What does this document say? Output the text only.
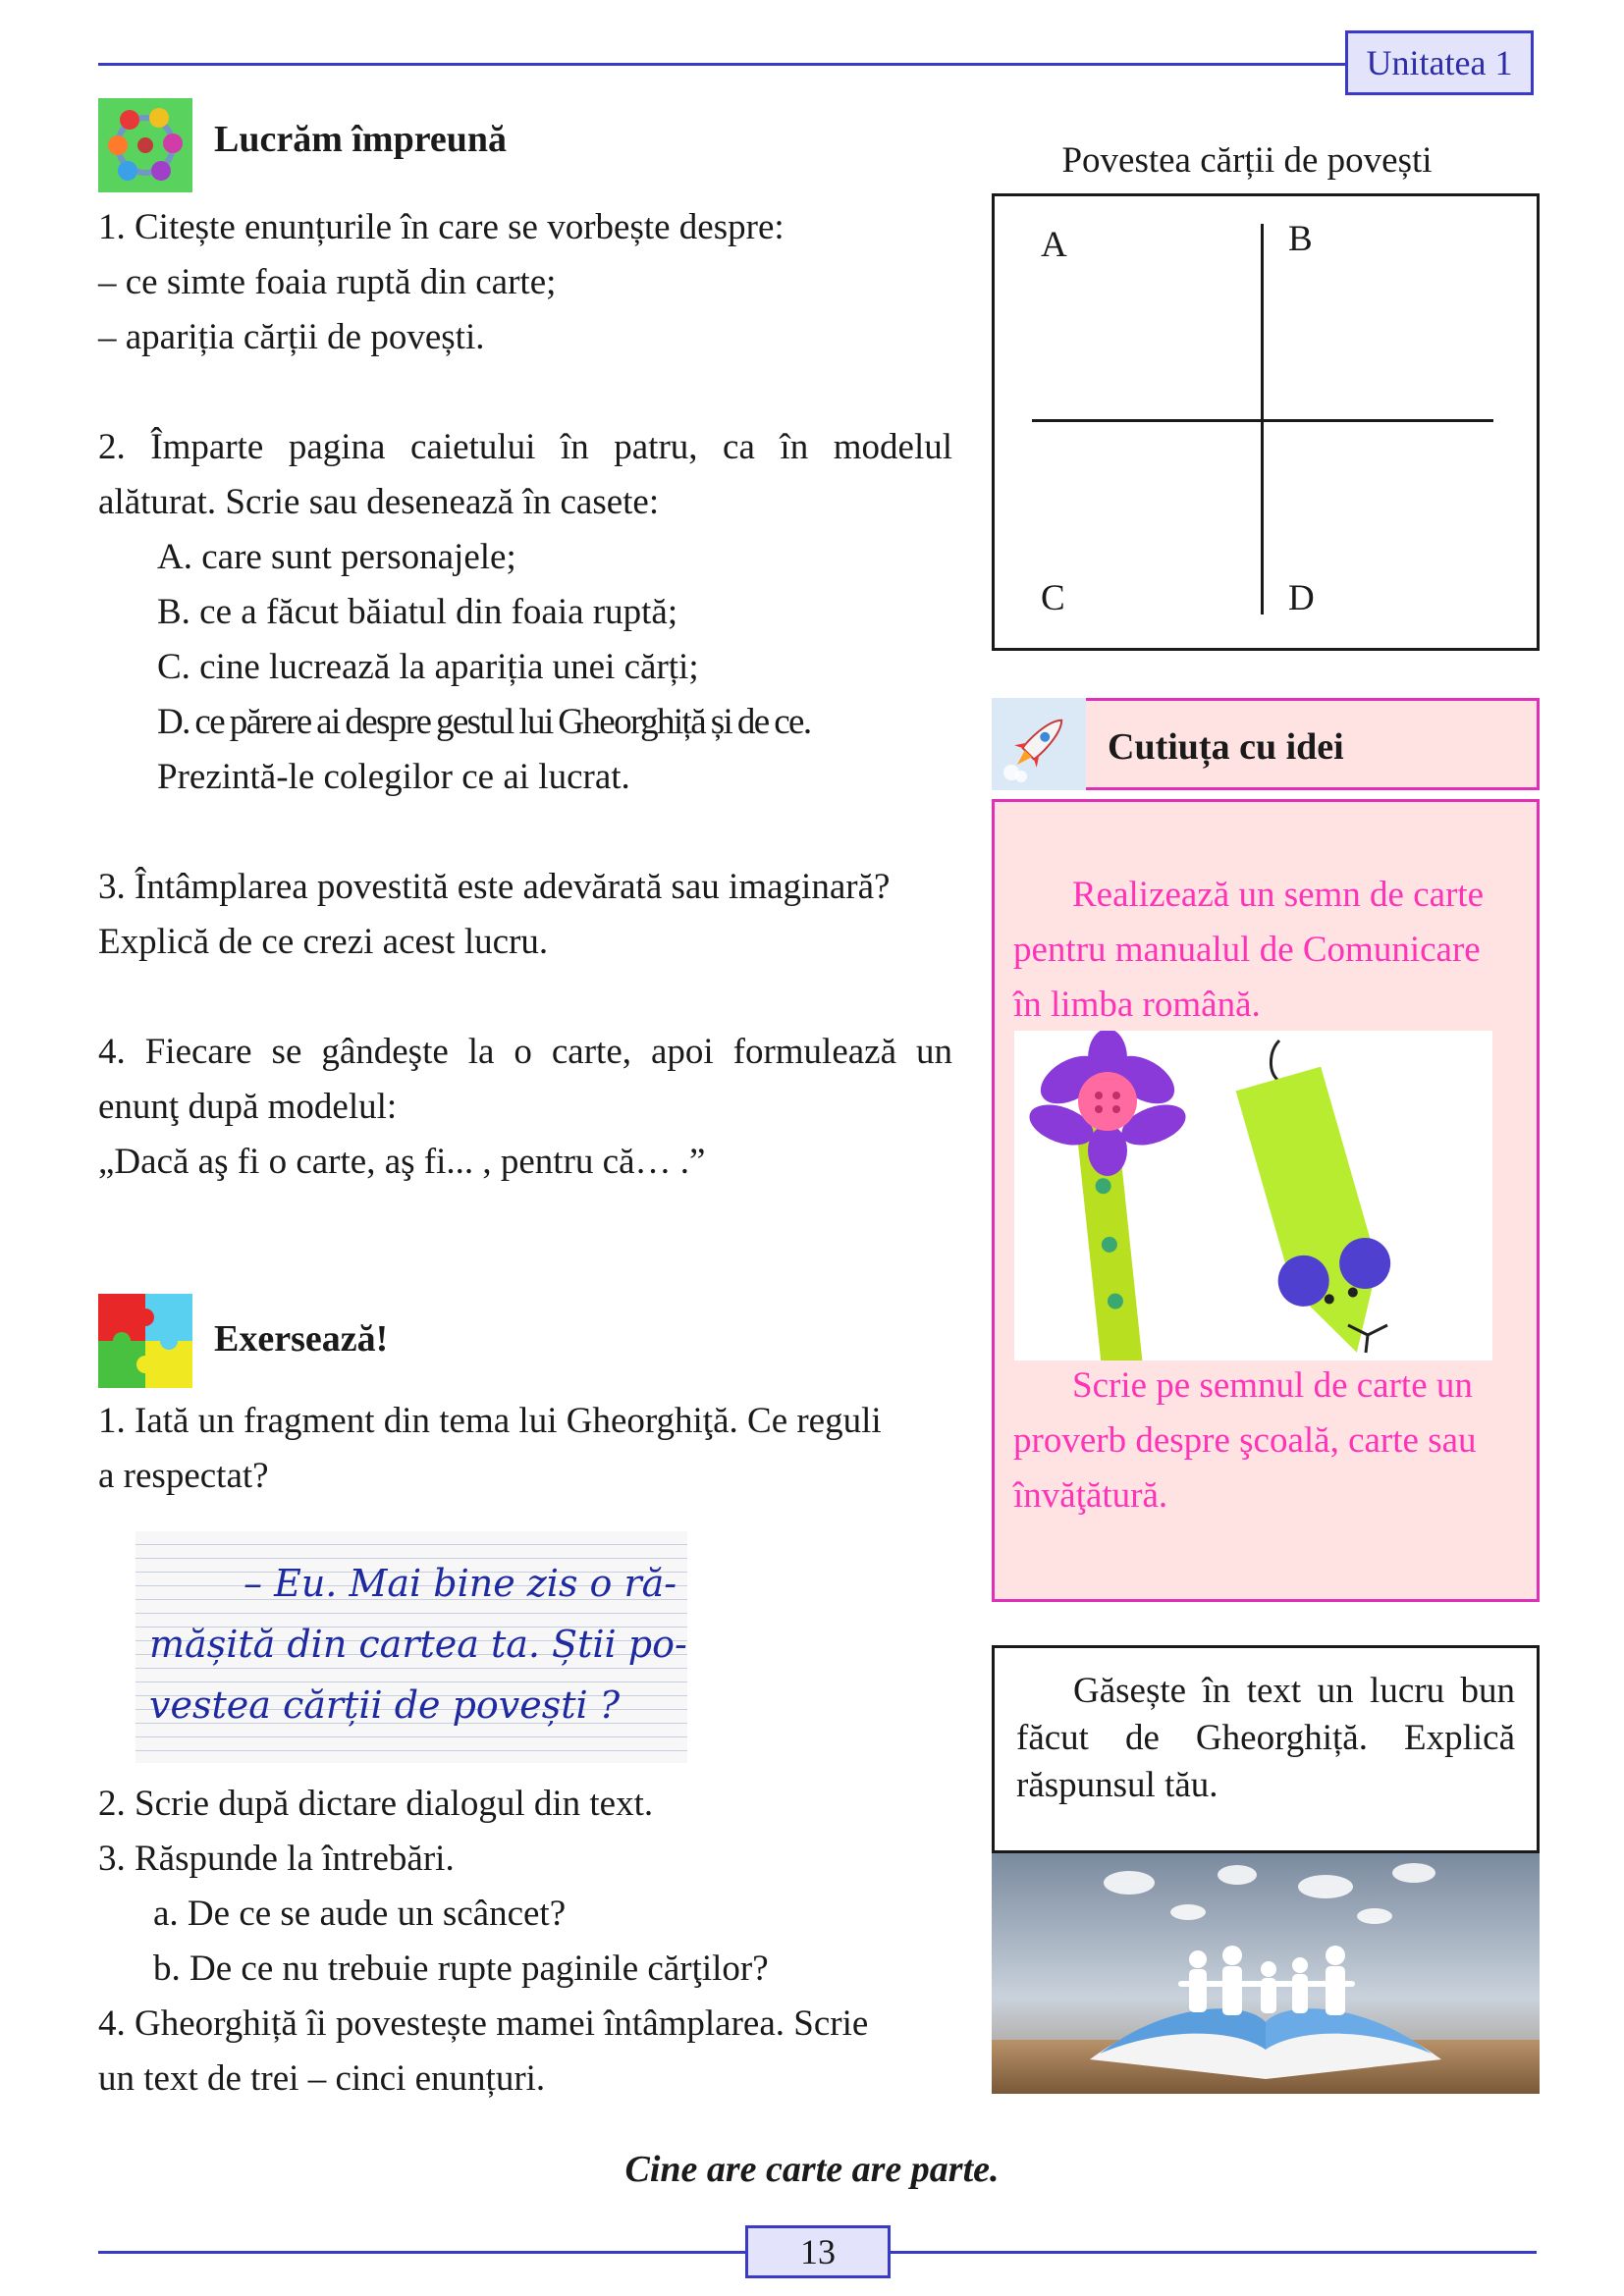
Unitatea 1
Lucrăm împreună
1. Citește enunțurile în care se vorbește despre:
– ce simte foaia ruptă din carte;
– apariția cărții de povești.
2. Împarte pagina caietului în patru, ca în modelul
alăturat. Scrie sau desenează în casete:
A. care sunt personajele;
B. ce a făcut băiatul din foaia ruptă;
C. cine lucrează la apariția unei cărți;
D. ce părere ai despre gestul lui Gheorghiță și de ce.
Prezintă-le colegilor ce ai lucrat.
3. Întâmplarea povestită este adevărată sau imaginară?
Explică de ce crezi acest lucru.
4. Fiecare se gândeşte la o carte, apoi formulează un
enunţ după modelul:
„Dacă aş fi o carte, aş fi... , pentru că… .”
Povestea cărții de povești
A	B
C	D
Cutiuța cu idei
Realizează un semn de carte
pentru manualul de Comunicare
în limba română.
Scrie pe semnul de carte un
proverb despre şcoală, carte sau
învăţătură.
Exersează!
1. Iată un fragment din tema lui Gheorghiţă. Ce reguli
a respectat?
– Eu. Mai bine zis o ră-
mășită din cartea ta. Știi po-
vestea cărții de povești ?
2. Scrie după dictare dialogul din text.
3. Răspunde la întrebări.
a. De ce se aude un scâncet?
b. De ce nu trebuie rupte paginile cărţilor?
4. Gheorghiță îi povestește mamei întâmplarea. Scrie
un text de trei – cinci enunțuri.
Găsește în text un lucru bun făcut de Gheorghiță. Explică răspunsul tău.
Cine are carte are parte.
13
